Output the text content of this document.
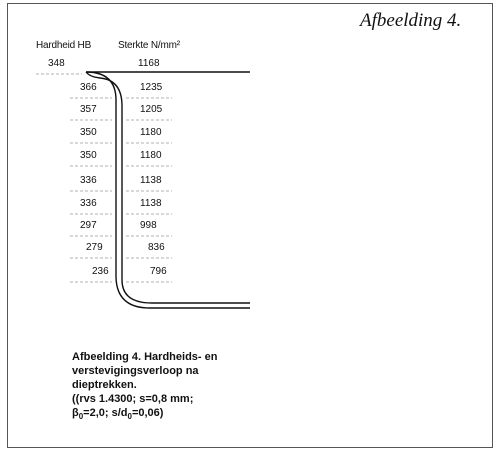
Afbeelding 4.
Hardheid HB	Sterkte N/mm²
348	1168
366	1235
357	1205
350	1180
350	1180
336	1138
336	1138
297	998
279	836
236	796
Afbeelding 4. Hardheids- en
verstevigingsverloop na
dieptrekken.
((rvs 1.4300; s=0,8 mm;
$\beta_0=2,0$; $s/d_0=0,06$)
